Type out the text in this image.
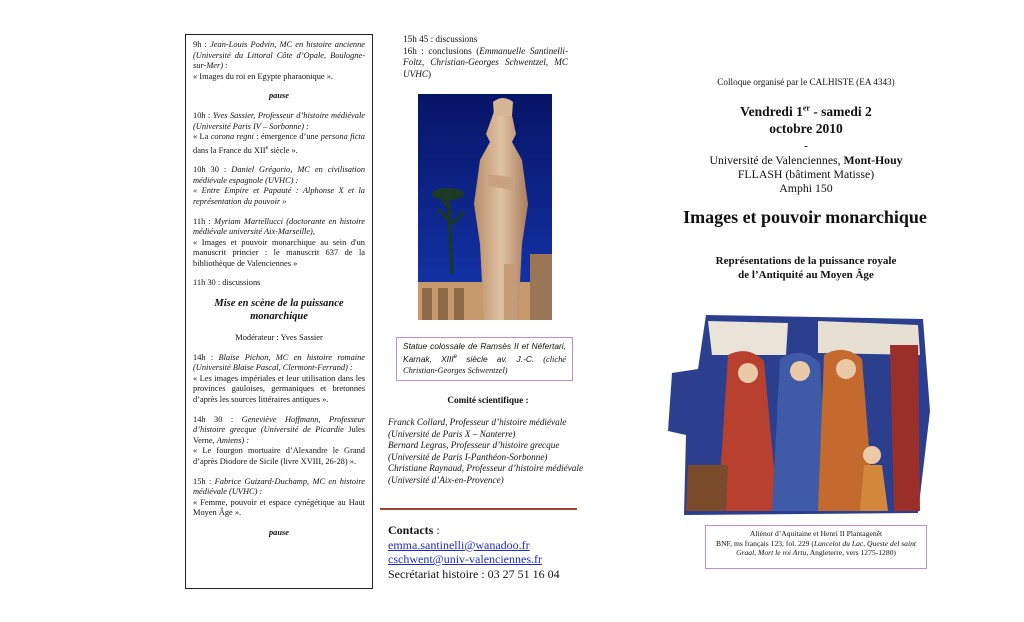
9h : Jean-Louis Podvin, MC en histoire ancienne (Université du Littoral Côte d’Opale, Boulogne-sur-Mer) :
« Images du roi en Egypte pharaonique ».
pause
10h : Yves Sassier, Professeur d’histoire médiévale (Université Paris IV – Sorbonne) :
« La corona regni : émergence d’une persona ficta dans la France du XIIe siècle ».
10h 30 : Daniel Grégorio, MC en civilisation médiévale espagnole (UVHC) :
« Entre Empire et Papauté : Alphonse X et la représentation du pouvoir »
11h : Myriam Martellucci (doctorante en histoire médiévale université Aix-Marseille),
« Images et pouvoir monarchique au sein d'un manuscrit princier : le manuscrit 637 de la bibliothèque de Valenciennes »
11h 30 : discussions
Mise en scène de la puissance monarchique
Modérateur : Yves Sassier
14h : Blaise Pichon, MC en histoire romaine (Université Blaise Pascal, Clermont-Ferrand) :
« Les images impériales et leur utilisation dans les provinces gauloises, germaniques et bretonnes d’après les sources littéraires antiques ».
14h 30 : Geneviève Hoffmann, Professeur d’histoire grecque (Université de Picardie Jules Verne, Amiens) :
« Le fourgon mortuaire d’Alexandre le Grand d’après Diodore de Sicile (livre XVIII, 26-28) ».
15h : Fabrice Guizard-Duchamp, MC en histoire médiévale (UVHC) :
« Femme, pouvoir et espace cynégétique au Haut Moyen Âge ».
pause
15h 45 : discussions
16h : conclusions (Emmanuelle Santinelli-Foltz, Christian-Georges Schwentzel, MC UVHC)
Statue colossale de Ramsès II et Néfertari, Karnak, XIIIe siècle av. J.-C. (cliché Christian-Georges Schwentzel)
Comité scientifique :
Franck Collard, Professeur d’histoire médiévale (Université de Paris X – Nanterre)
Bernard Legras, Professeur d’histoire grecque (Université de Paris I-Panthéon-Sorbonne)
Christiane Raynaud, Professeur d’histoire médiévale (Université d’Aix-en-Provence)
Contacts :
emma.santinelli@wanadoo.fr
cschwent@univ-valenciennes.fr
Secrétariat histoire : 03 27 51 16 04
Colloque organisé par le CALHISTE (EA 4343)
Vendredi 1er - samedi 2
octobre 2010
-
Université de Valenciennes, Mont-Houy
FLLASH (bâtiment Matisse)
Amphi 150
Images et pouvoir monarchique
Représentations de la puissance royale
de l’Antiquité au Moyen Âge
Aliénor d’Aquitaine et Henri II Plantagenêt
BNF, ms français 123, fol. 229 (Lancelot du Lac, Queste del saint Graal, Mort le roi Artu, Angleterre, vers 1275-1280)
